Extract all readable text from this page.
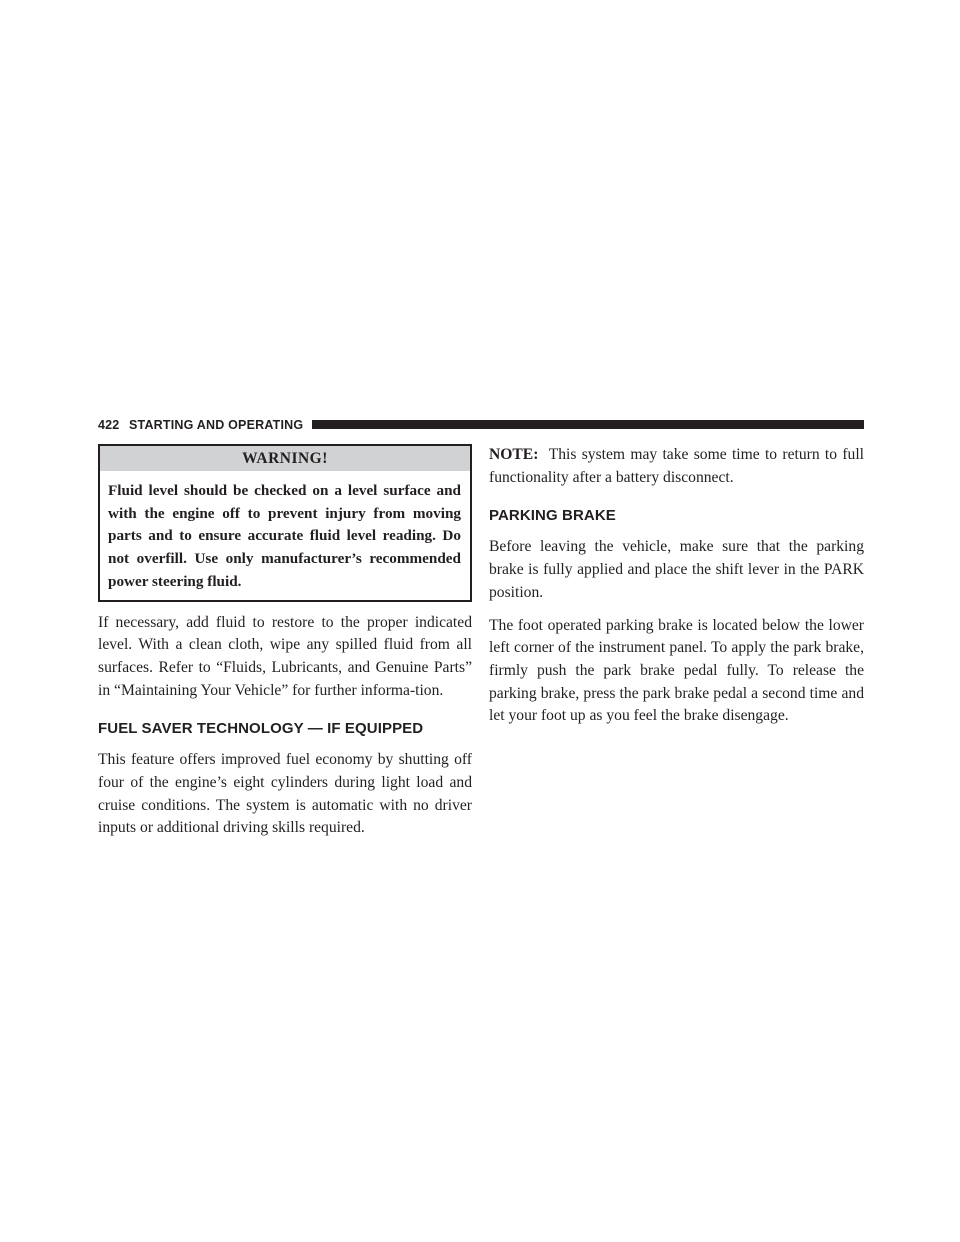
422 STARTING AND OPERATING
WARNING!
Fluid level should be checked on a level surface and with the engine off to prevent injury from moving parts and to ensure accurate fluid level reading. Do not overfill. Use only manufacturer’s recommended power steering fluid.

If necessary, add fluid to restore to the proper indicated level. With a clean cloth, wipe any spilled fluid from all surfaces. Refer to “Fluids, Lubricants, and Genuine Parts” in “Maintaining Your Vehicle” for further informa-tion.

FUEL SAVER TECHNOLOGY — IF EQUIPPED

This feature offers improved fuel economy by shutting off four of the engine’s eight cylinders during light load and cruise conditions. The system is automatic with no driver inputs or additional driving skills required.

NOTE: This system may take some time to return to full functionality after a battery disconnect.

PARKING BRAKE

Before leaving the vehicle, make sure that the parking brake is fully applied and place the shift lever in the PARK position.

The foot operated parking brake is located below the lower left corner of the instrument panel. To apply the park brake, firmly push the park brake pedal fully. To release the parking brake, press the park brake pedal a second time and let your foot up as you feel the brake disengage.
